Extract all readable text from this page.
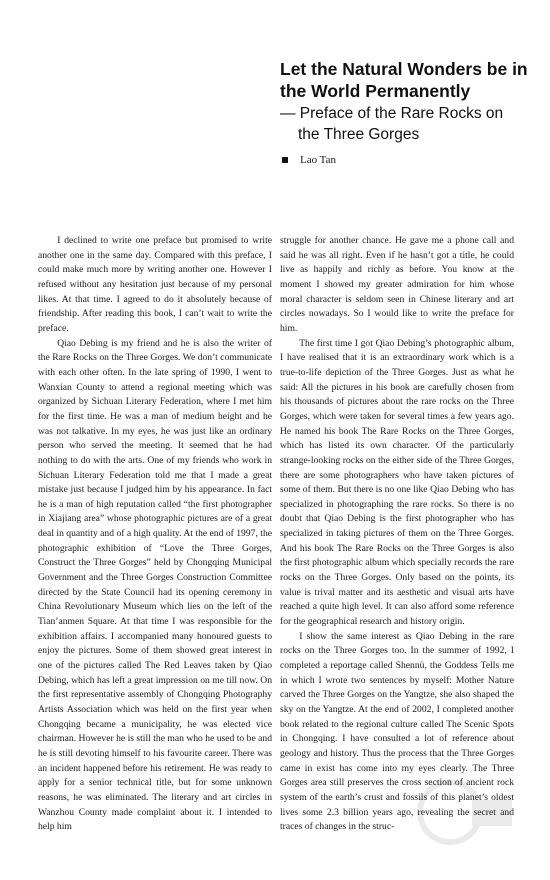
Let the Natural Wonders be in the World Permanently
— Preface of the Rare Rocks on
the Three Gorges
Lao Tan

I declined to write one preface but promised to write another one in the same day. Compared with this preface, I could make much more by writing another one. However I refused without any hesitation just because of my personal likes. At that time. I agreed to do it absolutely because of friendship. After reading this book, I can’t wait to write the preface.

Qiao Debing is my friend and he is also the writer of the Rare Rocks on the Three Gorges. We don’t communicate with each other often. In the late spring of 1990, I went to Wanxian County to attend a regional meeting which was organized by Sichuan Literary Federation, where I met him for the first time. He was a man of medium height and he was not talkative. In my eyes, he was just like an ordinary person who served the meeting. It seemed that he had nothing to do with the arts. One of my friends who work in Sichuan Literary Federation told me that I made a great mistake just because I judged him by his appearance. In fact he is a man of high reputation called “the first photographer in Xiajiang area” whose photographic pictures are of a great deal in quantity and of a high quality. At the end of 1997, the photographic exhibition of “Love the Three Gorges, Construct the Three Gorges” held by Chongqing Municipal Government and the Three Gorges Construction Committee directed by the State Council had its opening ceremony in China Revolutionary Museum which lies on the left of the Tian’anmen Square. At that time I was responsible for the exhibition affairs. I accompanied many honoured guests to enjoy the pictures. Some of them showed great interest in one of the pictures called The Red Leaves taken by Qiao Debing, which has left a great impression on me till now. On the first representative assembly of Chongqing Photography Artists Association which was held on the first year when Chongqing became a municipality, he was elected vice chairman. However he is still the man who he used to be and he is still devoting himself to his favourite career. There was an incident happened before his retirement. He was ready to apply for a senior technical title, but for some unknown reasons, he was eliminated. The literary and art circles in Wanzhou County made complaint about it. I intended to help him

struggle for another chance. He gave me a phone call and said he was all right. Even if he hasn’t got a title, he could live as happily and richly as before. You know at the moment I showed my greater admiration for him whose moral character is seldom seen in Chinese literary and art circles nowadays. So I would like to write the preface for him.

The first time I got Qiao Debing’s photographic album, I have realised that it is an extraordinary work which is a true-to-life depiction of the Three Gorges. Just as what he said: All the pictures in his book are carefully chosen from his thousands of pictures about the rare rocks on the Three Gorges, which were taken for several times a few years ago. He named his book The Rare Rocks on the Three Gorges, which has listed its own character. Of the particularly strange-looking rocks on the either side of the Three Gorges, there are some photographers who have taken pictures of some of them. But there is no one like Qiao Debing who has specialized in photographing the rare rocks. So there is no doubt that Qiao Debing is the first photographer who has specialized in taking pictures of them on the Three Gorges. And his book The Rare Rocks on the Three Gorges is also the first photographic album which specially records the rare rocks on the Three Gorges. Only based on the points, its value is trival matter and its aesthetic and visual arts have reached a quite high level. It can also afford some reference for the geographical research and history origin.

I show the same interest as Qiao Debing in the rare rocks on the Three Gorges too. In the summer of 1992, I completed a reportage called Shennü, the Goddess Tells me in which I wrote two sentences by myself: Mother Nature carved the Three Gorges on the Yangtze, she also shaped the sky on the Yangtze. At the end of 2002, I completed another book related to the regional culture called The Scenic Spots in Chongqing. I have consulted a lot of reference about geology and history. Thus the process that the Three Gorges came in exist has come into my eyes clearly. The Three Gorges area still preserves the cross section of ancient rock system of the earth’s crust and fossils of this planet’s oldest lives some 2.3 billion years ago, revealing the secret and traces of changes in the struc-
